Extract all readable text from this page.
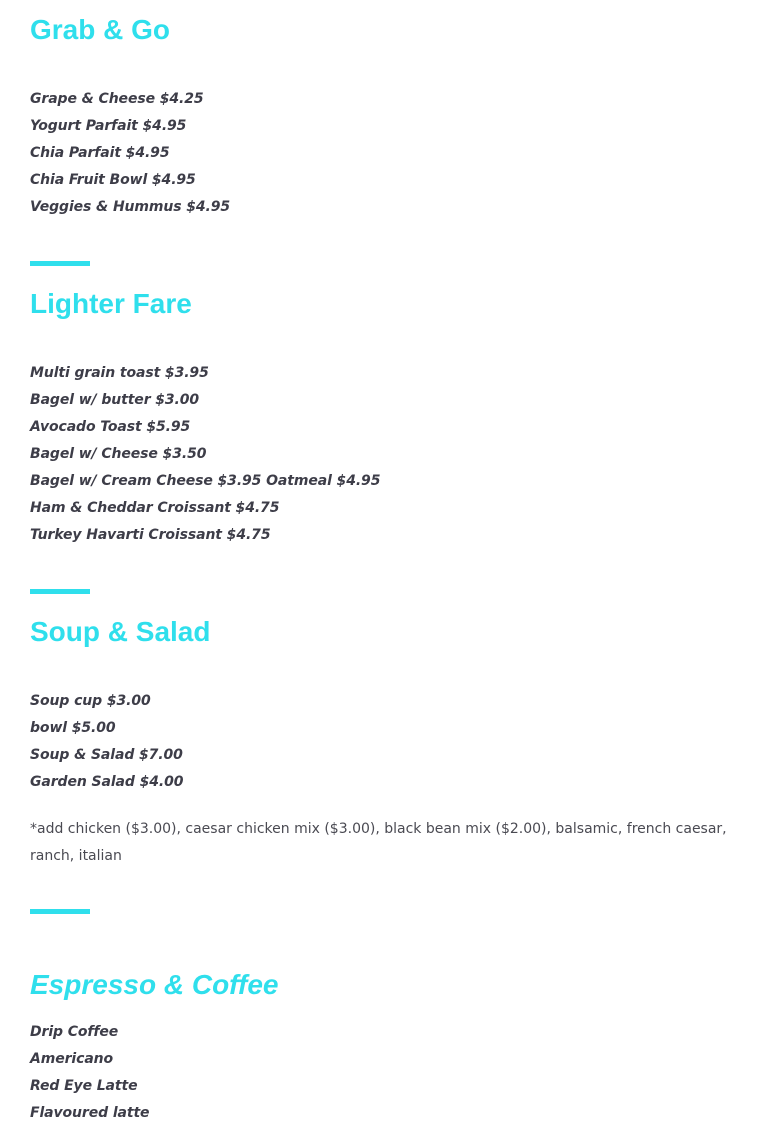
Grab & Go
Grape & Cheese $4.25
Yogurt Parfait $4.95
Chia Parfait $4.95
Chia Fruit Bowl $4.95
Veggies & Hummus $4.95
Lighter Fare
Multi grain toast $3.95
Bagel w/ butter $3.00
Avocado Toast $5.95
Bagel w/ Cheese $3.50
Bagel w/ Cream Cheese $3.95 Oatmeal $4.95
Ham & Cheddar Croissant $4.75
Turkey Havarti Croissant $4.75
Soup & Salad
Soup cup $3.00
bowl $5.00
Soup & Salad $7.00
Garden Salad $4.00

*add chicken ($3.00), caesar chicken mix ($3.00), black bean mix ($2.00), balsamic, french caesar, ranch, italian

Espresso & Coffee
Drip Coffee
Americano
Red Eye Latte
Flavoured latte
